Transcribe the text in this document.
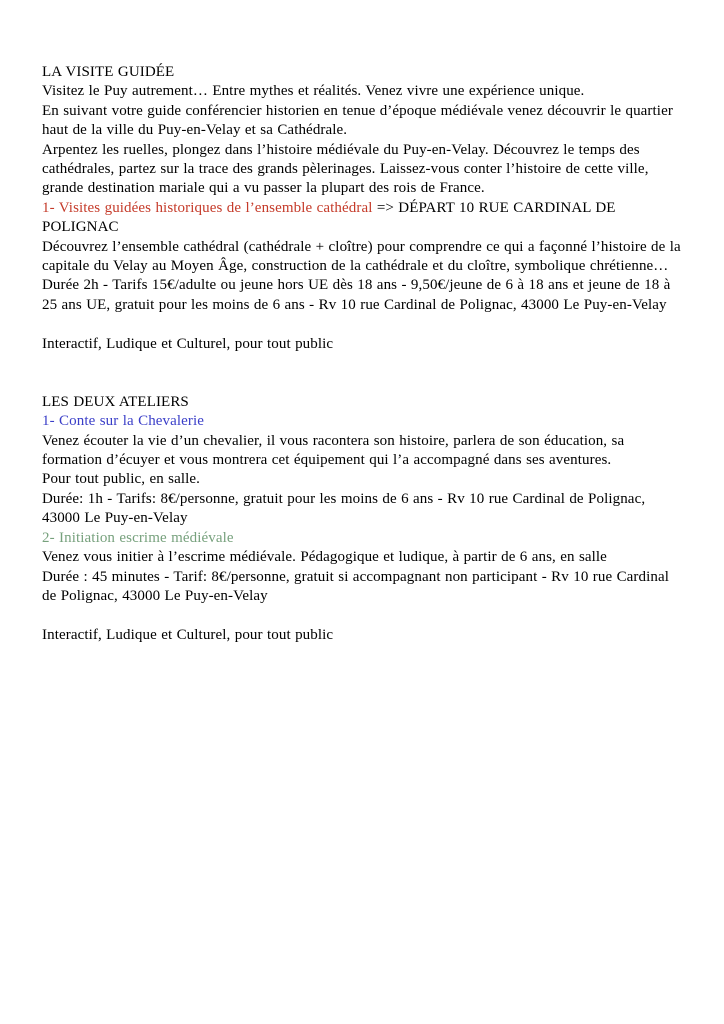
LA VISITE GUIDÉE

Visitez le Puy autrement… Entre mythes et réalités. Venez vivre une expérience unique.

En suivant votre guide conférencier historien en tenue d’époque médiévale venez découvrir le quartier haut de la ville du Puy-en-Velay et sa Cathédrale.

Arpentez les ruelles, plongez dans l’histoire médiévale du Puy-en-Velay. Découvrez le temps des cathédrales, partez sur la trace des grands pèlerinages. Laissez-vous conter l’histoire de cette ville, grande destination mariale qui a vu passer la plupart des rois de France.

1- Visites guidées historiques de l’ensemble cathédral => DÉPART 10 RUE CARDINAL DE POLIGNAC

Découvrez l’ensemble cathédral (cathédrale + cloître) pour comprendre ce qui a façonné l’histoire de la capitale du Velay au Moyen Âge, construction de la cathédrale et du cloître, symbolique chrétienne…

Durée 2h - Tarifs 15€/adulte ou jeune hors UE dès 18 ans - 9,50€/jeune de 6 à 18 ans et jeune de 18 à 25 ans UE, gratuit pour les moins de 6 ans - Rv 10 rue Cardinal de Polignac, 43000 Le Puy-en-Velay

Interactif, Ludique et Culturel, pour tout public

LES DEUX ATELIERS

1- Conte sur la Chevalerie

Venez écouter la vie d’un chevalier, il vous racontera son histoire, parlera de son éducation, sa formation d’écuyer et vous montrera cet équipement qui l’a accompagné dans ses aventures.

Pour tout public, en salle.

Durée: 1h - Tarifs: 8€/personne, gratuit pour les moins de 6 ans - Rv 10 rue Cardinal de Polignac, 43000 Le Puy-en-Velay

2- Initiation escrime médiévale

Venez vous initier à l’escrime médiévale. Pédagogique et ludique, à partir de 6 ans, en salle

Durée : 45 minutes - Tarif: 8€/personne, gratuit si accompagnant non participant - Rv 10 rue Cardinal de Polignac, 43000 Le Puy-en-Velay

Interactif, Ludique et Culturel, pour tout public
